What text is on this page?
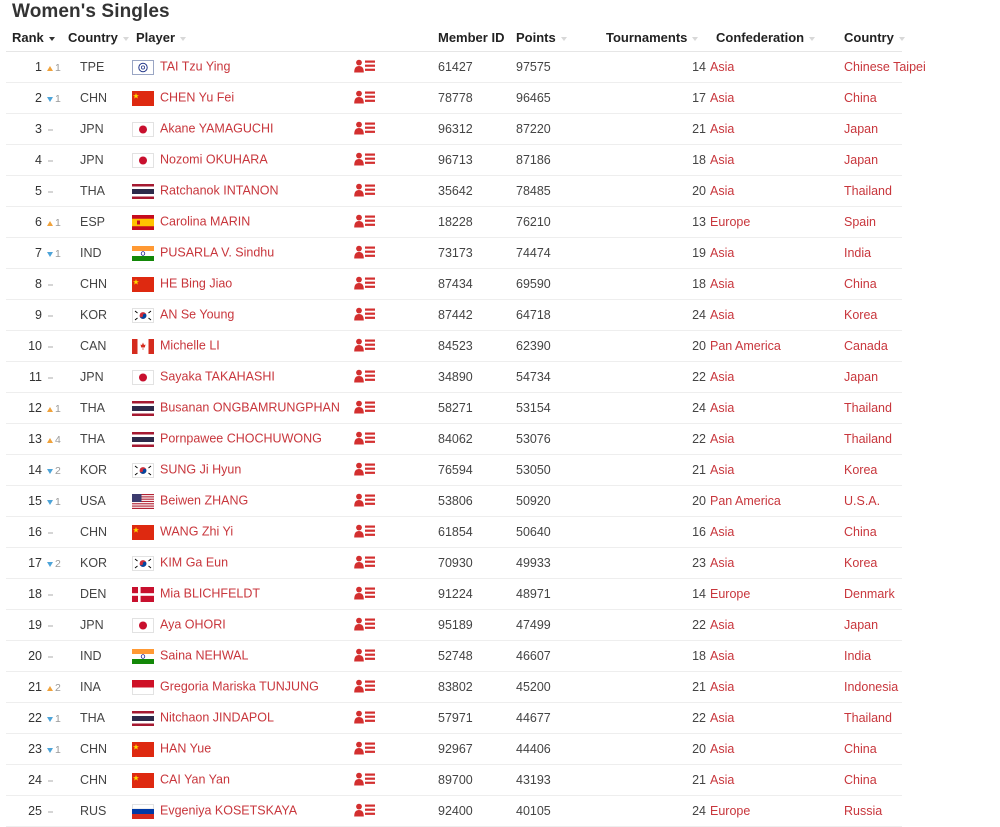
Women's Singles
Rank	Country	Player		Member ID	Points	Tournaments	Confederation	Country
1 1	TPE	TAI Tzu Ying		61427	97575	14	Asia	Chinese Taipei
2 1	CHN	CHEN Yu Fei		78778	96465	17	Asia	China
3	JPN	Akane YAMAGUCHI		96312	87220	21	Asia	Japan
4	JPN	Nozomi OKUHARA		96713	87186	18	Asia	Japan
5	THA	Ratchanok INTANON		35642	78485	20	Asia	Thailand
6 1	ESP	Carolina MARIN		18228	76210	13	Europe	Spain
7 1	IND	PUSARLA V. Sindhu		73173	74474	19	Asia	India
8	CHN	HE Bing Jiao		87434	69590	18	Asia	China
9	KOR	AN Se Young		87442	64718	24	Asia	Korea
10	CAN	Michelle LI		84523	62390	20	Pan America	Canada
11	JPN	Sayaka TAKAHASHI		34890	54734	22	Asia	Japan
12 1	THA	Busanan ONGBAMRUNGPHAN		58271	53154	24	Asia	Thailand
13 4	THA	Pornpawee CHOCHUWONG		84062	53076	22	Asia	Thailand
14 2	KOR	SUNG Ji Hyun		76594	53050	21	Asia	Korea
15 1	USA	Beiwen ZHANG		53806	50920	20	Pan America	U.S.A.
16	CHN	WANG Zhi Yi		61854	50640	16	Asia	China
17 2	KOR	KIM Ga Eun		70930	49933	23	Asia	Korea
18	DEN	Mia BLICHFELDT		91224	48971	14	Europe	Denmark
19	JPN	Aya OHORI		95189	47499	22	Asia	Japan
20	IND	Saina NEHWAL		52748	46607	18	Asia	India
21 2	INA	Gregoria Mariska TUNJUNG		83802	45200	21	Asia	Indonesia
22 1	THA	Nitchaon JINDAPOL		57971	44677	22	Asia	Thailand
23 1	CHN	HAN Yue		92967	44406	20	Asia	China
24	CHN	CAI Yan Yan		89700	43193	21	Asia	China
25	RUS	Evgeniya KOSETSKAYA		92400	40105	24	Europe	Russia
